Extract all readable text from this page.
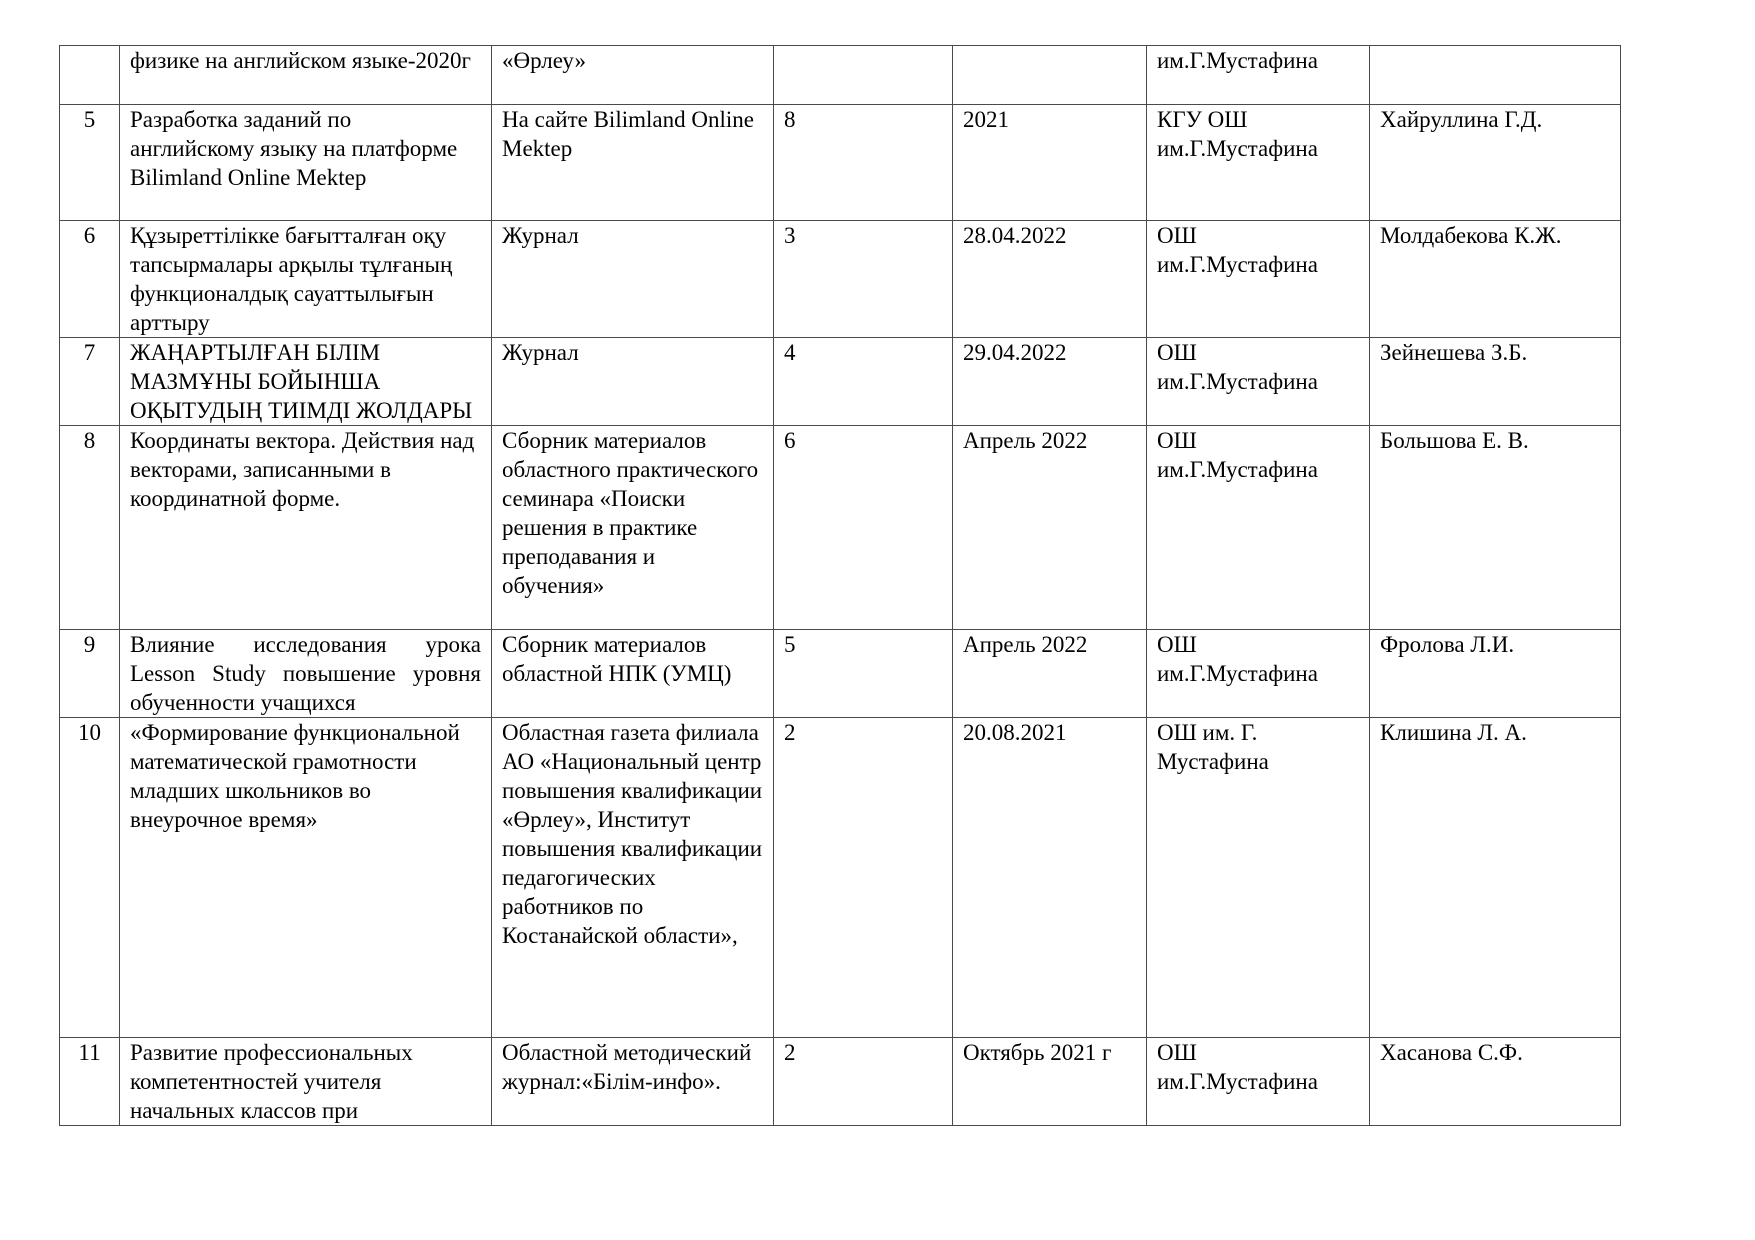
	физике на английском языке-2020г	«Өрлеу»			им.Г.Мустафина	
5	Разработка заданий по английскому языку на платформе Bilimland Online Mektep	На сайте Bilimland Online Mektep	8	2021	КГУ ОШ им.Г.Мустафина	Хайруллина Г.Д.
6	Құзыреттілікке бағытталған оқу тапсырмалары арқылы тұлғаның функционалдық сауаттылығын арттыру	Журнал	3	28.04.2022	ОШ им.Г.Мустафина	Молдабекова К.Ж.
7	ЖАҢАРТЫЛҒАН БІЛІМ МАЗМҰНЫ БОЙЫНША ОҚЫТУДЫҢ ТИІМДІ ЖОЛДАРЫ	Журнал	4	29.04.2022	ОШ им.Г.Мустафина	Зейнешева З.Б.
8	Координаты вектора. Действия над векторами, записанными в координатной форме.	Сборник материалов областного практического семинара «Поиски решения в практике преподавания и обучения»	6	Апрель 2022	ОШ им.Г.Мустафина	Большова Е. В.
9	Влияние исследования урока Lesson Study повышение уровня обученности учащихся	Сборник материалов областной НПК (УМЦ)	5	Апрель 2022	ОШ им.Г.Мустафина	Фролова Л.И.
10	«Формирование функциональной математической грамотности младших школьников во внеурочное время»	Областная газета филиала АО «Национальный центр повышения квалификации «Өрлеу», Институт повышения квалификации педагогических работников по Костанайской области»,	2	20.08.2021	ОШ им. Г. Мустафина	Клишина Л. А.
11	Развитие профессиональных компетентностей учителя начальных классов при	Областной методический журнал:«Білім-инфо».	2	Октябрь 2021 г	ОШ им.Г.Мустафина	Хасанова С.Ф.
